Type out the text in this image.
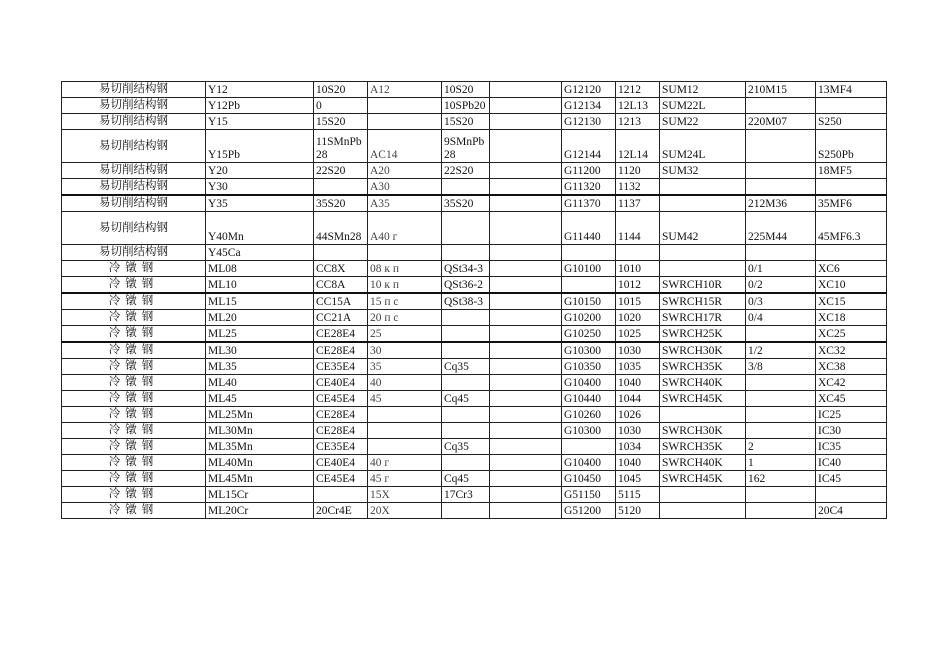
易切削结构钢	Y12	10S20	A12	10S20		G12120	1212	SUM12	210M15	13MF4
易切削结构钢	Y12Pb	0		10SPb20		G12134	12L13	SUM22L		
易切削结构钢	Y15	15S20		15S20		G12130	1213	SUM22	220M07	S250
易切削结构钢	Y15Pb	11SMnPb28	AC14	9SMnPb28		G12144	12L14	SUM24L		S250Pb
易切削结构钢	Y20	22S20	A20	22S20		G11200	1120	SUM32		18MF5
易切削结构钢	Y30		A30			G11320	1132			
易切削结构钢	Y35	35S20	A35	35S20		G11370	1137		212M36	35MF6
易切削结构钢	Y40Mn	44SMn28	A40 г			G11440	1144	SUM42	225M44	45MF6.3
易切削结构钢	Y45Ca									
冷镦钢	ML08	CC8X	08 к п	QSt34-3		G10100	1010		0/1	XC6
冷镦钢	ML10	CC8A	10 к п	QSt36-2			1012	SWRCH10R	0/2	XC10
冷镦钢	ML15	CC15A	15 п с	QSt38-3		G10150	1015	SWRCH15R	0/3	XC15
冷镦钢	ML20	CC21A	20 п с			G10200	1020	SWRCH17R	0/4	XC18
冷镦钢	ML25	CE28E4	25			G10250	1025	SWRCH25K		XC25
冷镦钢	ML30	CE28E4	30			G10300	1030	SWRCH30K	1/2	XC32
冷镦钢	ML35	CE35E4	35	Cq35		G10350	1035	SWRCH35K	3/8	XC38
冷镦钢	ML40	CE40E4	40			G10400	1040	SWRCH40K		XC42
冷镦钢	ML45	CE45E4	45	Cq45		G10440	1044	SWRCH45K		XC45
冷镦钢	ML25Mn	CE28E4				G10260	1026			IC25
冷镦钢	ML30Mn	CE28E4				G10300	1030	SWRCH30K		IC30
冷镦钢	ML35Mn	CE35E4		Cq35			1034	SWRCH35K	2	IC35
冷镦钢	ML40Mn	CE40E4	40 г			G10400	1040	SWRCH40K	1	IC40
冷镦钢	ML45Mn	CE45E4	45 г	Cq45		G10450	1045	SWRCH45K	162	IC45
冷镦钢	ML15Cr		15X	17Cr3		G51150	5115			
冷镦钢	ML20Cr	20Cr4E	20X			G51200	5120			20C4
